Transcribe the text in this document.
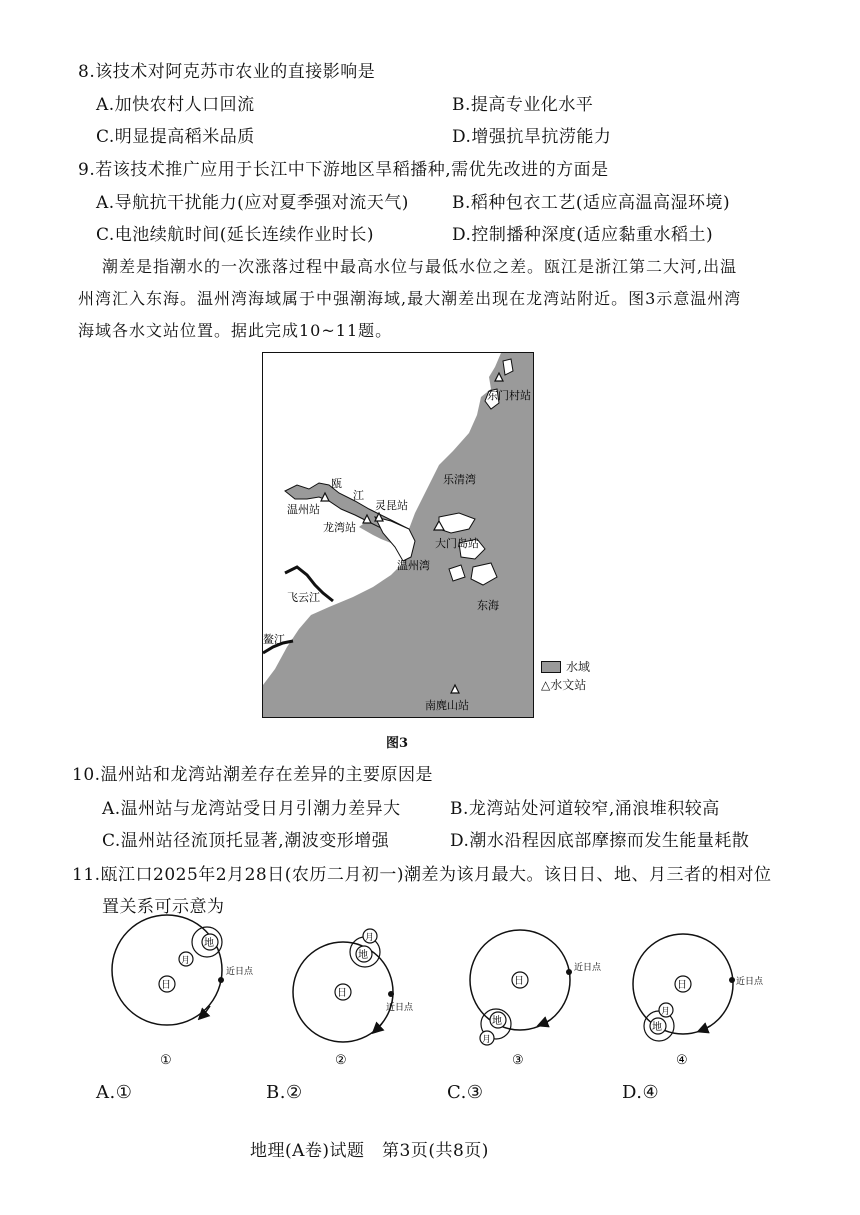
8.该技术对阿克苏市农业的直接影响是
A.加快农村人口回流	B.提高专业化水平
C.明显提高稻米品质	D.增强抗旱抗涝能力
9.若该技术推广应用于长江中下游地区旱稻播种,需优先改进的方面是
A.导航抗干扰能力(应对夏季强对流天气)	B.稻种包衣工艺(适应高温高湿环境)
C.电池续航时间(延长连续作业时长)	D.控制播种深度(适应黏重水稻土)
潮差是指潮水的一次涨落过程中最高水位与最低水位之差。瓯江是浙江第二大河,出温
州湾汇入东海。温州湾海域属于中强潮海域,最大潮差出现在龙湾站附近。图3示意温州湾
海域各水文站位置。据此完成10~11题。
东门村站
瓯
江
温州站
龙湾站
灵昆站
乐清湾
大门岛站
温州湾
飞云江
鳌江
东海
南麂山站
水域
△水文站
图3
10.温州站和龙湾站潮差存在差异的主要原因是
A.温州站与龙湾站受日月引潮力差异大	B.龙湾站处河道较窄,涌浪堆积较高
C.温州站径流顶托显著,潮波变形增强	D.潮水沿程因底部摩擦而发生能量耗散
11.瓯江口2025年2月28日(农历二月初一)潮差为该月最大。该日日、地、月三者的相对位
置关系可示意为
日
地
月
近日点
①
日
地
月
近日点
②
日
地
月
近日点
③
日
地
月
近日点
④
A.①	B.②	C.③	D.④
地理(A卷)试题　第3页(共8页)
